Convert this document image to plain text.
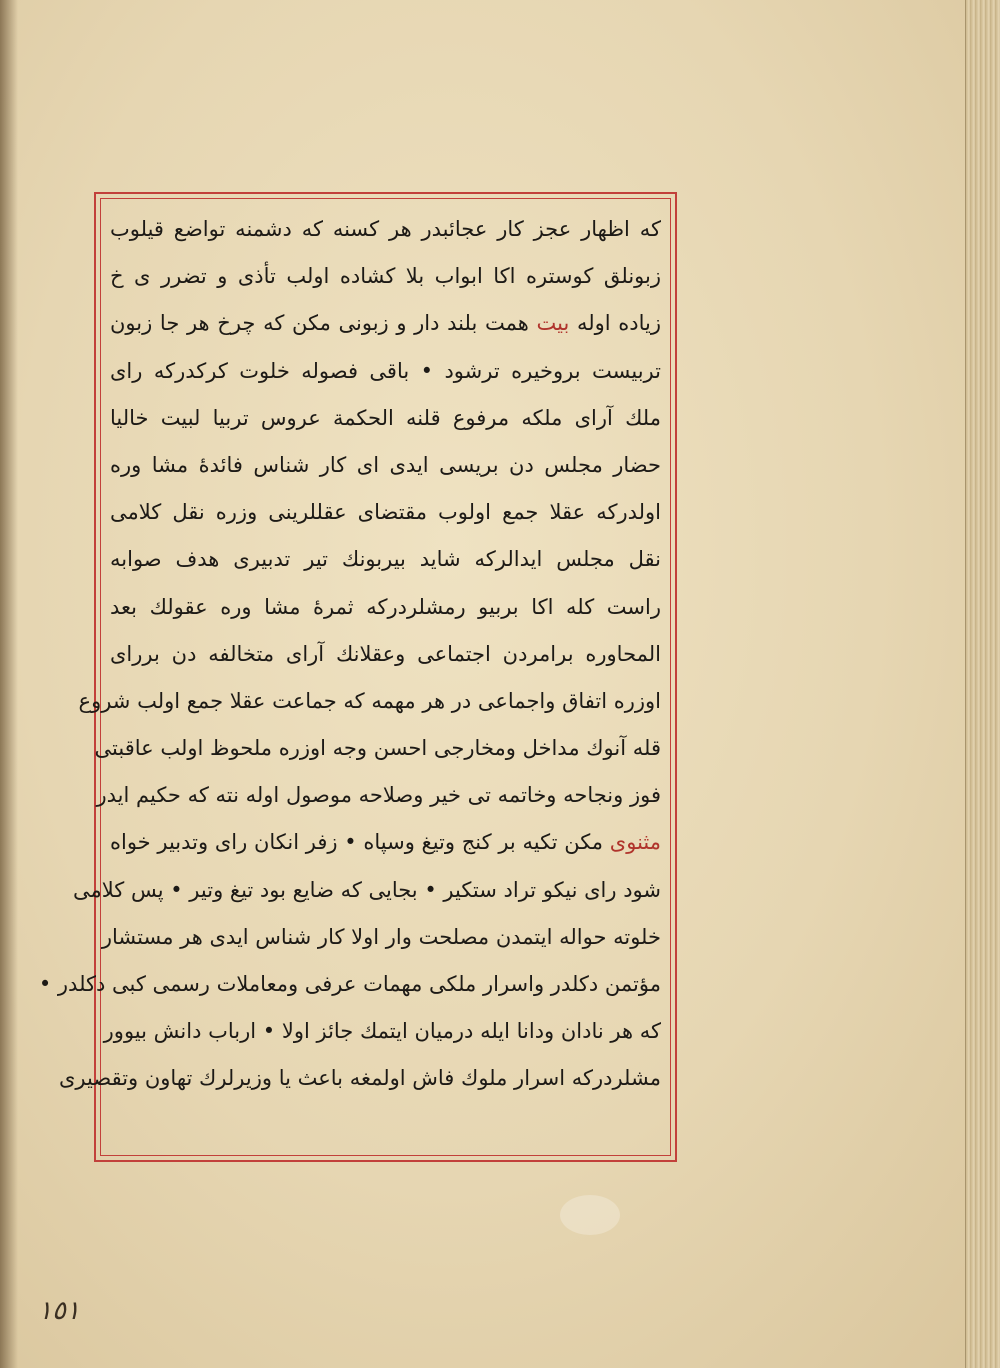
كه اظهار عجز كار عجائبدر هر كسنه كه دشمنه تواضع قيلوب
زبونلق كوستره اكا ابواب بلا كشاده اولب تأذى و تضرر ى خ
زياده اوله بيت همت بلند دار و زبونى مكن كه چرخ هر جا زبون
تربيست بروخيره ترشود • باقى فصوله خلوت كركدركه راى
ملك آراى ملكه مرفوع قلنه الحكمة عروس تربيا لبيت خاليا
حضار مجلس دن بريسى ايدى اى كار شناس فائدهٔ مشا وره
اولدركه عقلا جمع اولوب مقتضاى عقللرينى وزره نقل كلامى
نقل مجلس ايدالركه شايد بيربونك تير تدبيرى هدف صوابه
راست كله اكا بربيو رمشلردركه ثمرهٔ مشا وره عقولك بعد
المحاوره برامردن اجتماعى وعقلانك آراى متخالفه دن برراى
اوزره اتفاق واجماعى در هر مهمه كه جماعت عقلا جمع اولب شروع
قله آنوك مداخل ومخارجى احسن وجه اوزره ملحوظ اولب عاقبتى
فوز ونجاحه وخاتمه تى خير وصلاحه موصول اوله نته كه حكيم ايدر
مثنوى مكن تكيه بر كنج وتيغ وسپاه • زفر انكان راى وتدبير خواه
شود راى نيكو تراد ستكير • بجايى كه ضايع بود تيغ وتير • پس كلامى
خلوته حواله ايتمدن مصلحت وار اولا كار شناس ايدى هر مستشار
مؤتمن دكلدر واسرار ملكى مهمات عرفى ومعاملات رسمى كبى دكلدر •
كه هر نادان ودانا ايله درميان ايتمك جائز اولا • ارباب دانش بيوور
مشلردركه اسرار ملوك فاش اولمغه باعث يا وزيرلرك تهاون وتقصيرى
١٥١
